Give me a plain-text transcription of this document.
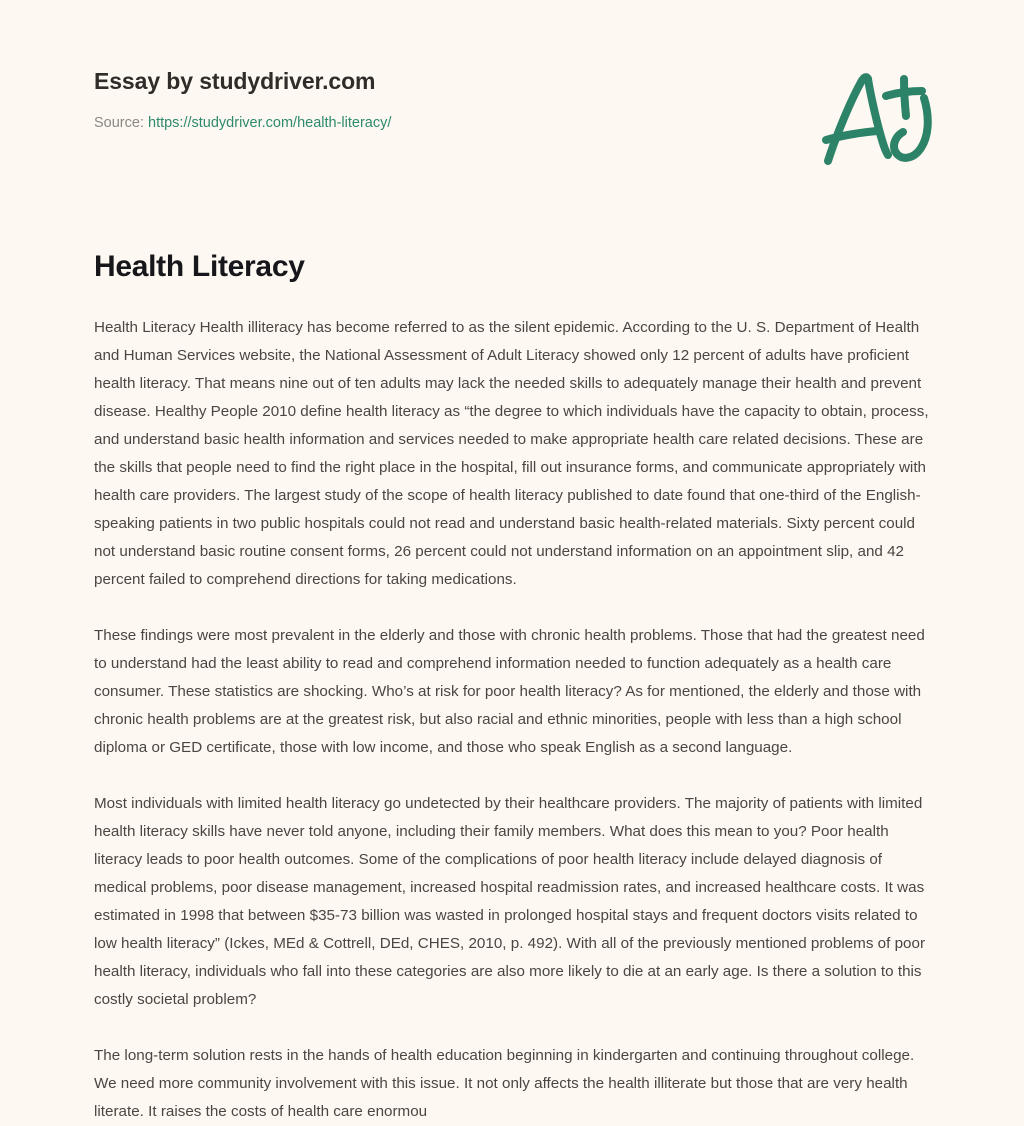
Essay by studydriver.com
Source: https://studydriver.com/health-literacy/
Health Literacy

Health Literacy Health illiteracy has become referred to as the silent epidemic. According to the U. S. Department of Health and Human Services website, the National Assessment of Adult Literacy showed only 12 percent of adults have proficient health literacy. That means nine out of ten adults may lack the needed skills to adequately manage their health and prevent disease. Healthy People 2010 define health literacy as “the degree to which individuals have the capacity to obtain, process, and understand basic health information and services needed to make appropriate health care related decisions. These are the skills that people need to find the right place in the hospital, fill out insurance forms, and communicate appropriately with health care providers. The largest study of the scope of health literacy published to date found that one-third of the English-speaking patients in two public hospitals could not read and understand basic health-related materials. Sixty percent could not understand basic routine consent forms, 26 percent could not understand information on an appointment slip, and 42 percent failed to comprehend directions for taking medications.

These findings were most prevalent in the elderly and those with chronic health problems. Those that had the greatest need to understand had the least ability to read and comprehend information needed to function adequately as a health care consumer. These statistics are shocking. Who’s at risk for poor health literacy? As for mentioned, the elderly and those with chronic health problems are at the greatest risk, but also racial and ethnic minorities, people with less than a high school diploma or GED certificate, those with low income, and those who speak English as a second language.

Most individuals with limited health literacy go undetected by their healthcare providers. The majority of patients with limited health literacy skills have never told anyone, including their family members. What does this mean to you? Poor health literacy leads to poor health outcomes. Some of the complications of poor health literacy include delayed diagnosis of medical problems, poor disease management, increased hospital readmission rates, and increased healthcare costs. It was estimated in 1998 that between $35-73 billion was wasted in prolonged hospital stays and frequent doctors visits related to low health literacy” (Ickes, MEd & Cottrell, DEd, CHES, 2010, p. 492). With all of the previously mentioned problems of poor health literacy, individuals who fall into these categories are also more likely to die at an early age. Is there a solution to this costly societal problem?

The long-term solution rests in the hands of health education beginning in kindergarten and continuing throughout college. We need more community involvement with this issue. It not only affects the health illiterate but those that are very health literate. It raises the costs of health care enormou
